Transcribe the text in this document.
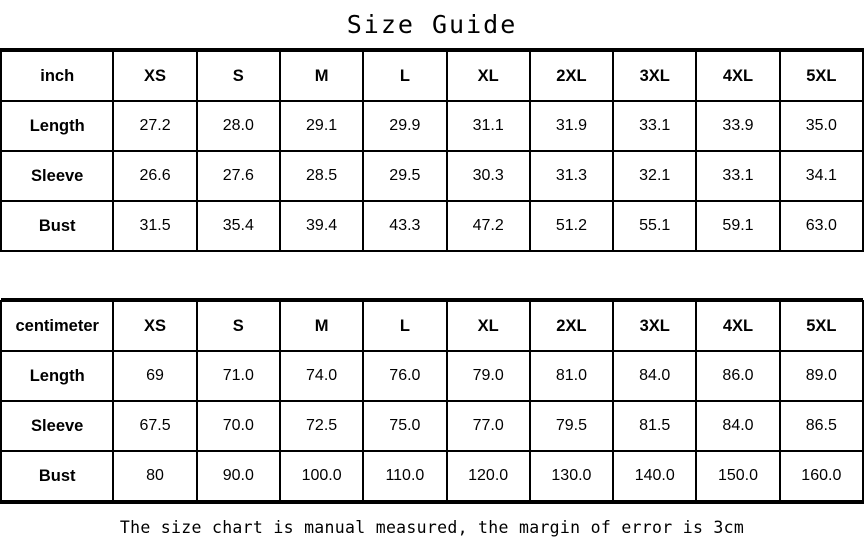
Size Guide
inch	XS	S	M	L	XL	2XL	3XL	4XL	5XL
Length	27.2	28.0	29.1	29.9	31.1	31.9	33.1	33.9	35.0
Sleeve	26.6	27.6	28.5	29.5	30.3	31.3	32.1	33.1	34.1
Bust	31.5	35.4	39.4	43.3	47.2	51.2	55.1	59.1	63.0

centimeter	XS	S	M	L	XL	2XL	3XL	4XL	5XL
Length	69	71.0	74.0	76.0	79.0	81.0	84.0	86.0	89.0
Sleeve	67.5	70.0	72.5	75.0	77.0	79.5	81.5	84.0	86.5
Bust	80	90.0	100.0	110.0	120.0	130.0	140.0	150.0	160.0
The size chart is manual measured, the margin of error is 3cm
